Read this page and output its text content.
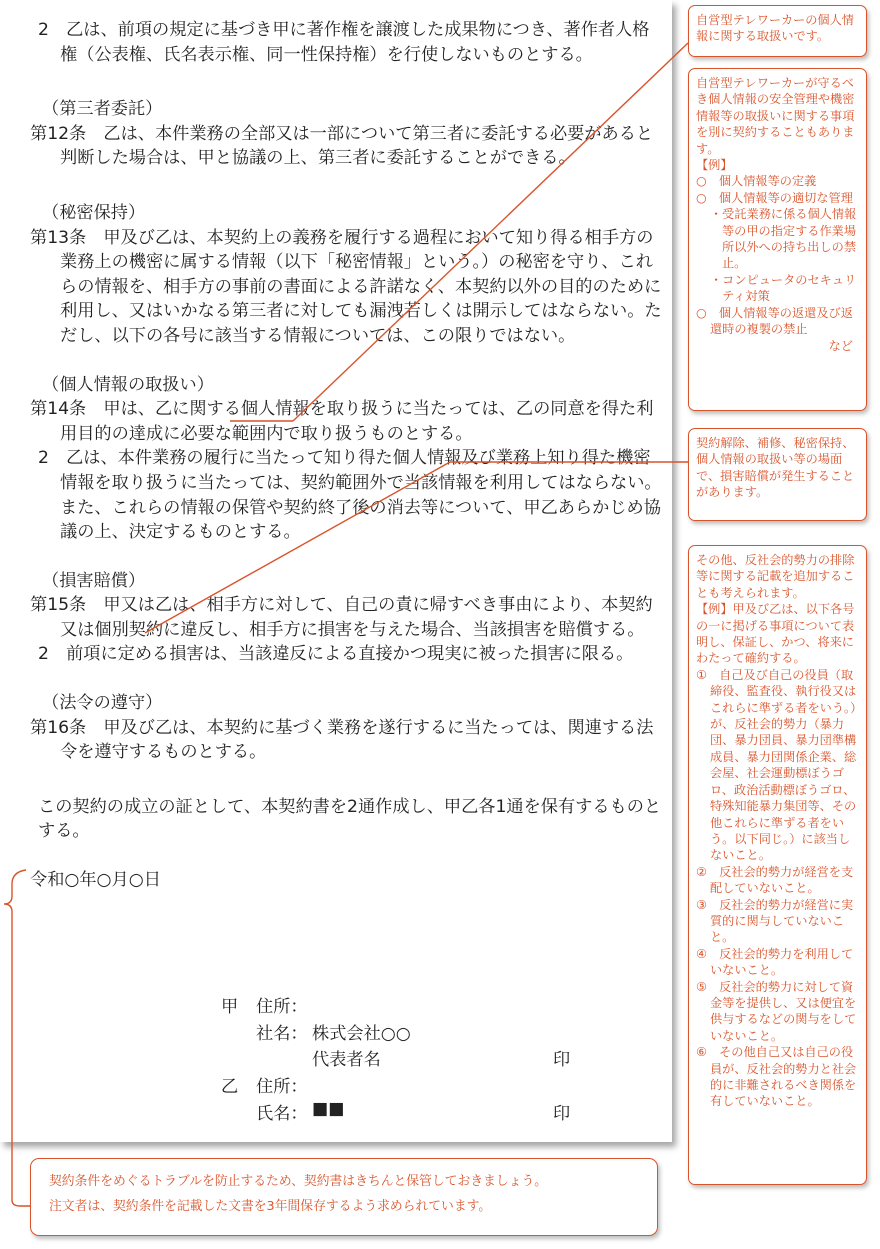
2　乙は、前項の規定に基づき甲に著作権を譲渡した成果物につき、著作者人格権（公表権、氏名表示権、同一性保持権）を行使しないものとする。

（第三者委託）

第12条　乙は、本件業務の全部又は一部について第三者に委託する必要があると判断した場合は、甲と協議の上、第三者に委託することができる。

（秘密保持）

第13条　甲及び乙は、本契約上の義務を履行する過程において知り得る相手方の業務上の機密に属する情報（以下「秘密情報」という。）の秘密を守り、これらの情報を、相手方の事前の書面による許諾なく、本契約以外の目的のために利用し、又はいかなる第三者に対しても漏洩若しくは開示してはならない。ただし、以下の各号に該当する情報については、この限りではない。

（個人情報の取扱い）

第14条　甲は、乙に関する個人情報を取り扱うに当たっては、乙の同意を得た利用目的の達成に必要な範囲内で取り扱うものとする。

2　乙は、本件業務の履行に当たって知り得た個人情報及び業務上知り得た機密情報を取り扱うに当たっては、契約範囲外で当該情報を利用してはならない。また、これらの情報の保管や契約終了後の消去等について、甲乙あらかじめ協議の上、決定するものとする。

（損害賠償）

第15条　甲又は乙は、相手方に対して、自己の責に帰すべき事由により、本契約又は個別契約に違反し、相手方に損害を与えた場合、当該損害を賠償する。

2　前項に定める損害は、当該違反による直接かつ現実に被った損害に限る。

（法令の遵守）

第16条　甲及び乙は、本契約に基づく業務を遂行するに当たっては、関連する法令を遵守するものとする。

この契約の成立の証として、本契約書を2通作成し、甲乙各1通を保有するものとする。

令和○年○月○日

甲 住所：
社名： 株式会社○○
代表者名	印
乙 住所：
氏名： ■■	印

自営型テレワーカーの個人情報に関する取扱いです。

自営型テレワーカーが守るべき個人情報の安全管理や機密情報等の取扱いに関する事項を別に契約することもあります。

【例】

○　個人情報等の定義

○　個人情報等の適切な管理

・受託業務に係る個人情報等の甲の指定する作業場所以外への持ち出しの禁止。

・コンピュータのセキュリティ対策

○　個人情報等の返還及び返還時の複製の禁止

など

契約解除、補修、秘密保持、個人情報の取扱い等の場面で、損害賠償が発生することがあります。

その他、反社会的勢力の排除等に関する記載を追加することも考えられます。

【例】甲及び乙は、以下各号の一に掲げる事項について表明し、保証し、かつ、将来にわたって確約する。

①　自己及び自己の役員（取締役、監査役、執行役又はこれらに準ずる者をいう。）が、反社会的勢力（暴力団、暴力団員、暴力団準構成員、暴力団関係企業、総会屋、社会運動標ぼうゴロ、政治活動標ぼうゴロ、特殊知能暴力集団等、その他これらに準ずる者をいう。以下同じ。）に該当しないこと。

②　反社会的勢力が経営を支配していないこと。

③　反社会的勢力が経営に実質的に関与していないこと。

④　反社会的勢力を利用していないこと。

⑤　反社会的勢力に対して資金等を提供し、又は便宜を供与するなどの関与をしていないこと。

⑥　その他自己又は自己の役員が、反社会的勢力と社会的に非難されるべき関係を有していないこと。

契約条件をめぐるトラブルを防止するため、契約書はきちんと保管しておきましょう。

注文者は、契約条件を記載した文書を3年間保存するよう求められています。
